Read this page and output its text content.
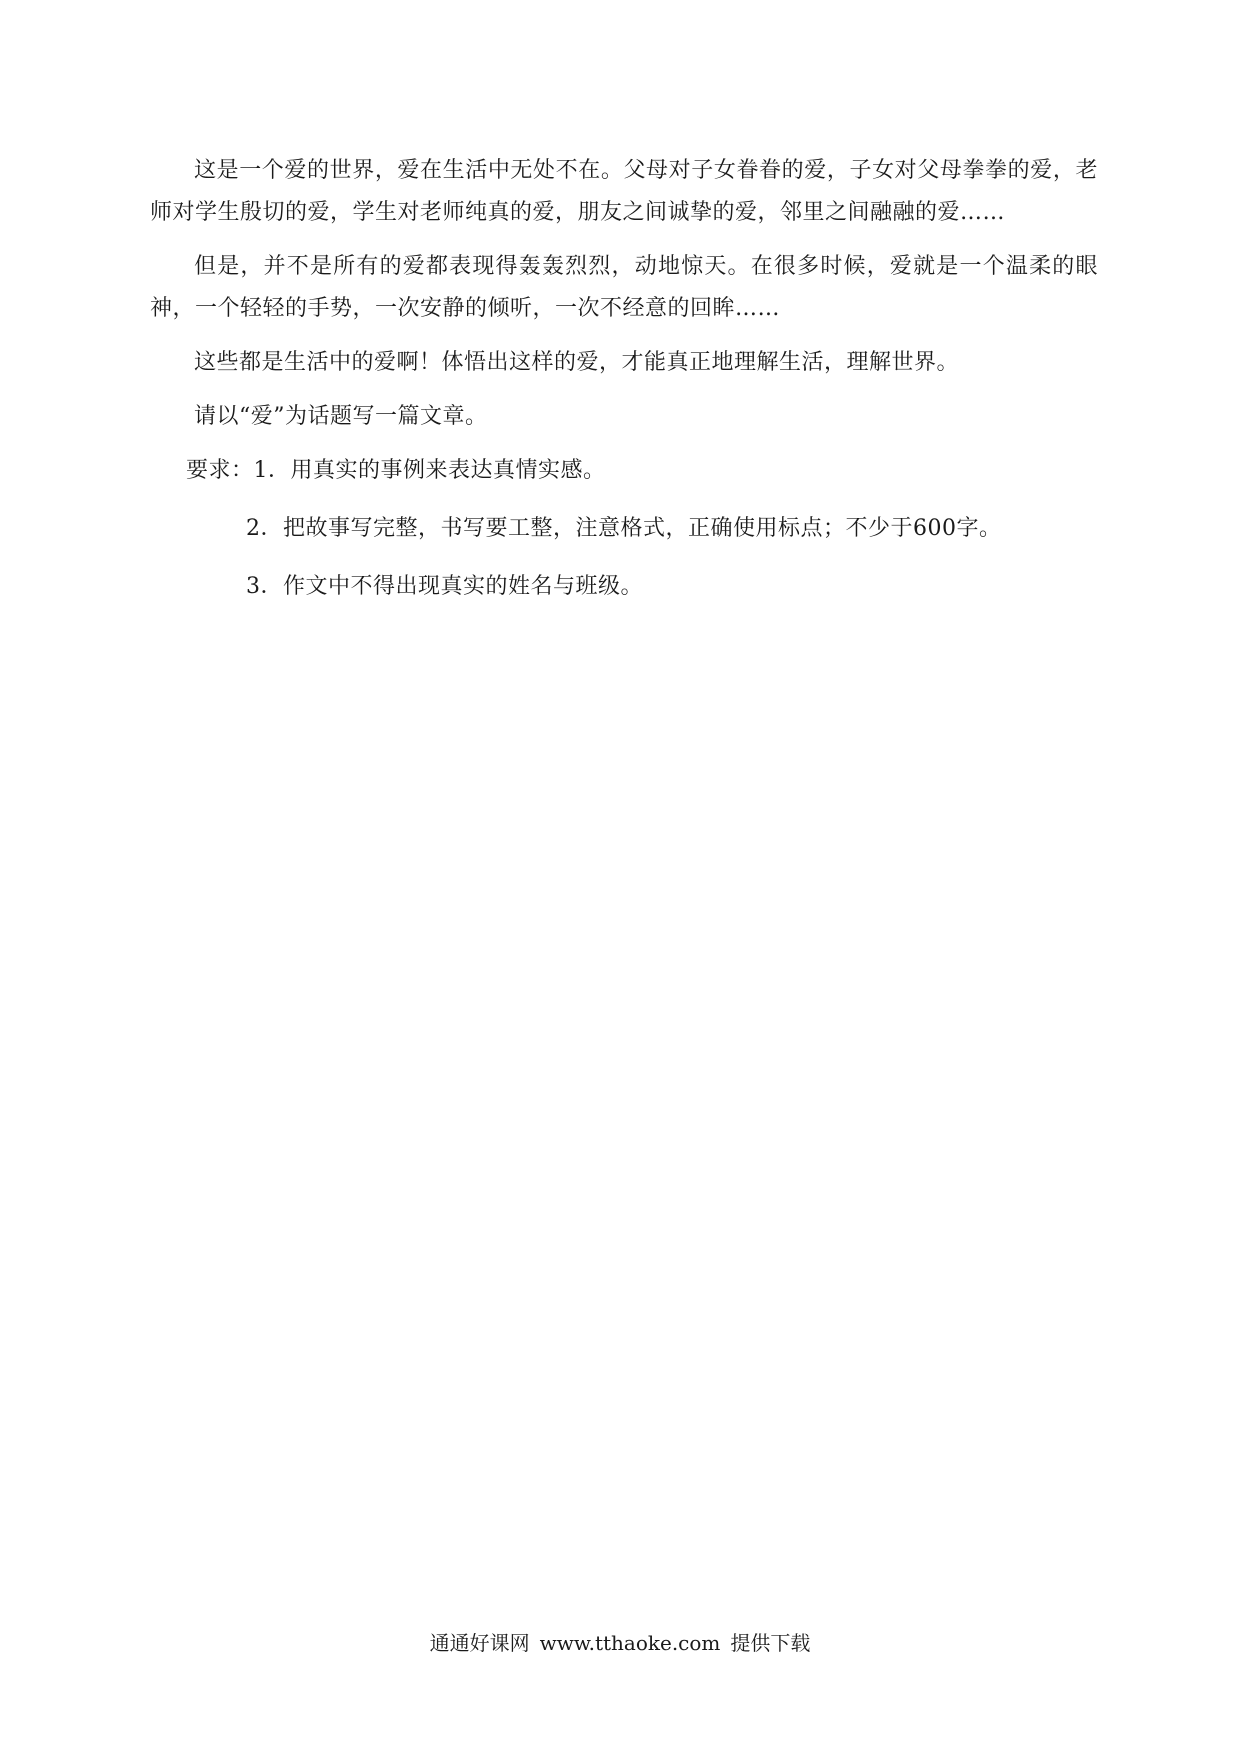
这是一个爱的世界，爱在生活中无处不在。父母对子女眷眷的爱，子女对父母拳拳的爱，老师对学生殷切的爱，学生对老师纯真的爱，朋友之间诚挚的爱，邻里之间融融的爱……

但是，并不是所有的爱都表现得轰轰烈烈，动地惊天。在很多时候，爱就是一个温柔的眼神，一个轻轻的手势，一次安静的倾听，一次不经意的回眸……

这些都是生活中的爱啊！体悟出这样的爱，才能真正地理解生活，理解世界。

请以“爱”为话题写一篇文章。

要求：1．用真实的事例来表达真情实感。
2．把故事写完整，书写要工整，注意格式，正确使用标点；不少于600字。
3．作文中不得出现真实的姓名与班级。
通通好课网 www.tthaoke.com 提供下载
